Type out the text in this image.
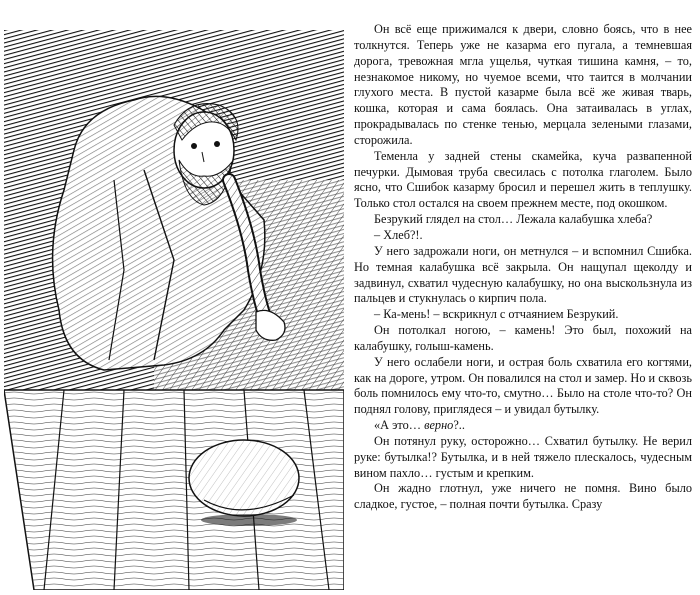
Он всё еще прижимался к двери, словно боясь, что в нее толкнутся. Теперь уже не казарма его пугала, а темневшая дорога, тревожная мгла ущелья, чуткая тишина камня, – то, незнакомое никому, но чуемое всеми, что таится в молчании глухого места. В пустой казарме была всё же живая тварь, кошка, которая и сама боялась. Она затаивалась в углах, прокрадывалась по стенке тенью, мерцала зелеными глазами, сторожила.

Теменла у задней стены скамейка, куча развапенной печурки. Дымовая труба свесилась с потолка глаголем. Было ясно, что Сшибок казарму бросил и перешел жить в теплушку. Только стол остался на своем прежнем месте, под окошком.

Безрукий глядел на стол… Лежала калабушка хлеба?

– Хлеб?!.

У него задрожали ноги, он метнулся – и вспомнил Сшибка. Но темная калабушка всё закрыла. Он нащупал щеколду и задвинул, схватил чудесную калабушку, но она выскользнула из пальцев и стукнулась о кирпич пола.

– Ка-мень! – вскрикнул с отчаянием Безрукий.

Он потолкал ногою, – камень! Это был, похожий на калабушку, голыш-камень.

У него ослабели ноги, и острая боль схватила его когтями, как на дороге, утром. Он повалился на стол и замер. Но и сквозь боль помнилось ему что-то, смутно… Было на столе что-то? Он поднял голову, приглядеся – и увидал бутылку.

«А это… верно?..

Он потянул руку, осторожно… Схватил бутылку. Не верил руке: бутылка!? Бутылка, и в ней тяжело плескалось, чудесным вином пахло… густым и крепким.

Он жадно глотнул, уже ничего не помня. Вино было сладкое, густое, – полная почти бутылка. Сразу
